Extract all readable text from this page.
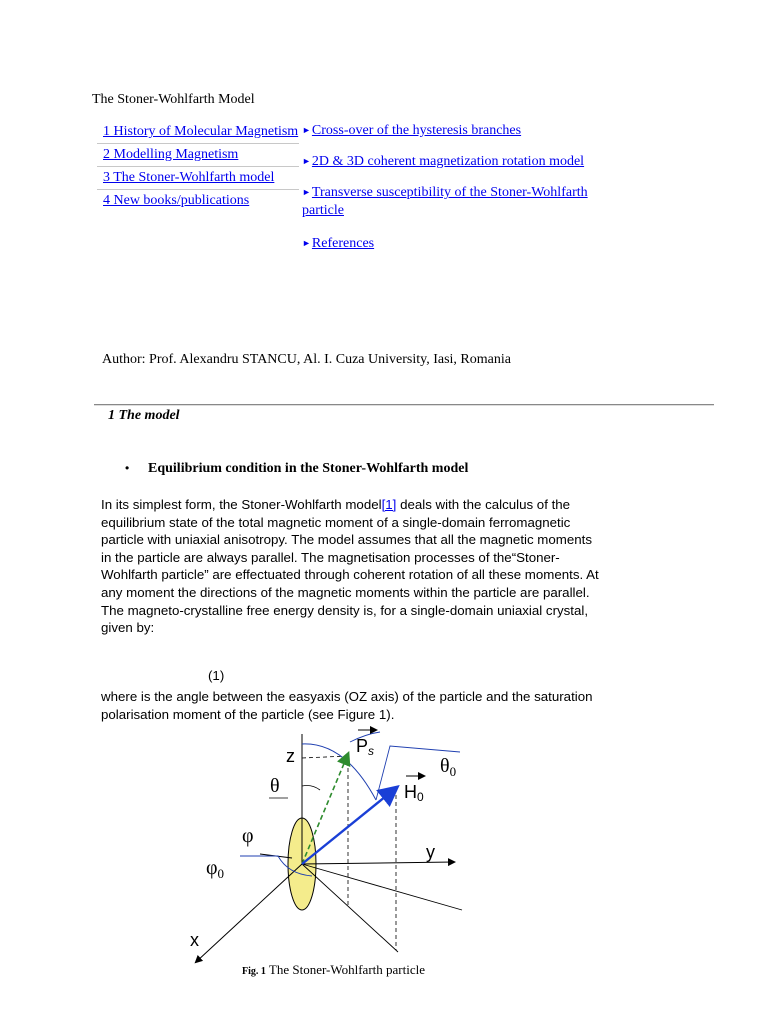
The Stoner-Wohlfarth Model
1 History of Molecular Magnetism
2 Modelling Magnetism
3 The Stoner-Wohlfarth model
4 New books/publications
►Cross-over of the hysteresis branches
►2D & 3D coherent magnetization rotation model
►Transverse susceptibility of the Stoner-Wohlfarth particle
►References
Author: Prof. Alexandru STANCU, Al. I. Cuza University, Iasi, Romania
1 The model
• Equilibrium condition in the Stoner-Wohlfarth model
In its simplest form, the Stoner-Wohlfarth model[1] deals with the calculus of the equilibrium state of the total magnetic moment of a single-domain ferromagnetic particle with uniaxial anisotropy. The model assumes that all the magnetic moments in the particle are always parallel. The magnetisation processes of the“Stoner-Wohlfarth particle” are effectuated through coherent rotation of all these moments. At any moment the directions of the magnetic moments within the particle are parallel.
The magneto-crystalline free energy density is, for a single-domain uniaxial crystal, given by:
(1)
where is the angle between the easyaxis (OZ axis) of the particle and the saturation polarisation moment of the particle (see Figure 1).
z
y
x
θ
$\theta_0$
φ
$\varphi_0$
Ps
H0
Fig. 1 The Stoner-Wohlfarth particle
